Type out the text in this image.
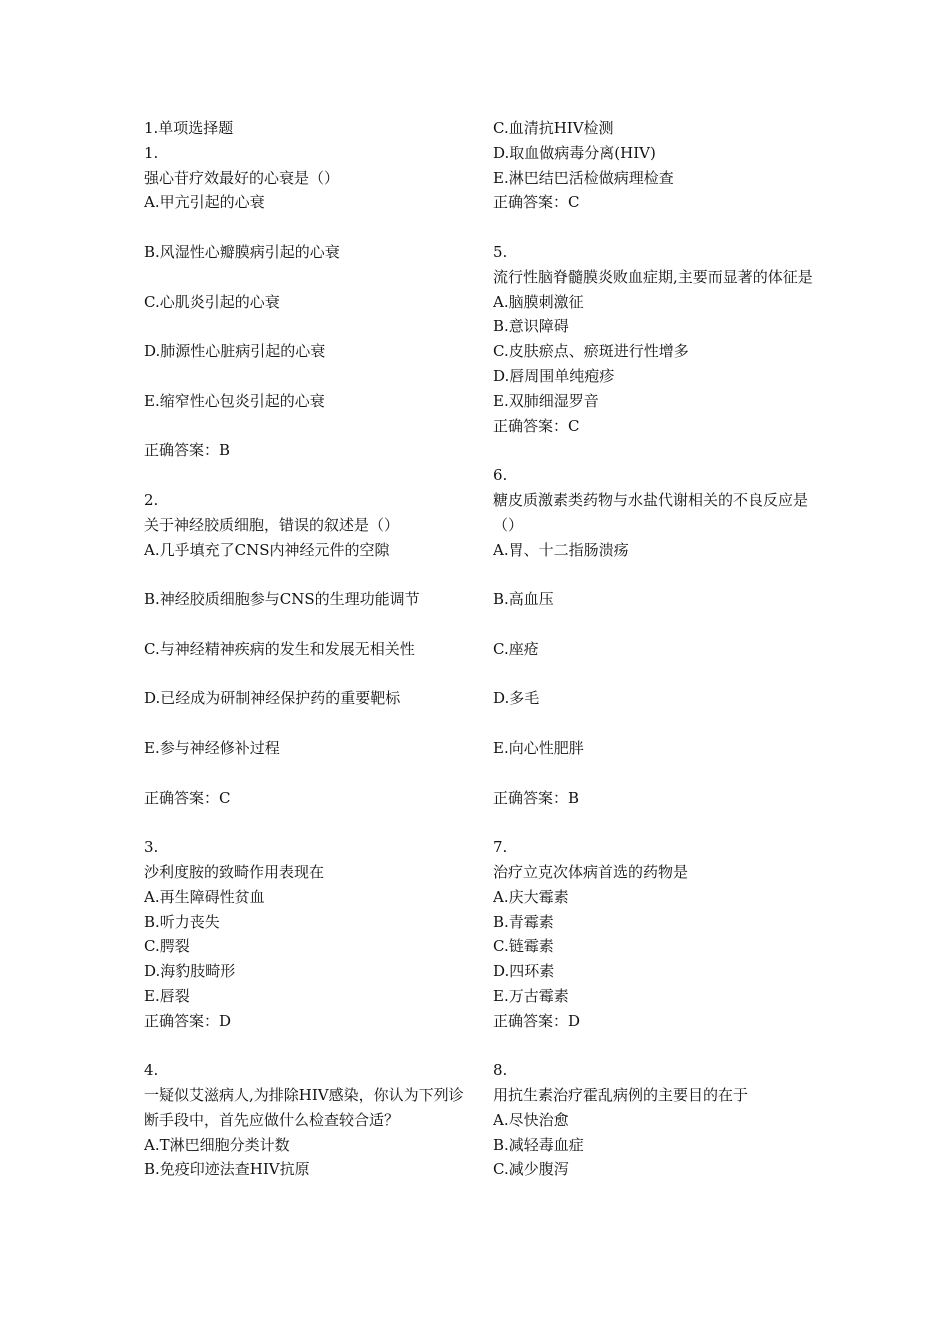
1.单项选择题
1.
强心苷疗效最好的心衰是（）
A.甲亢引起的心衰
B.风湿性心瓣膜病引起的心衰
C.心肌炎引起的心衰
D.肺源性心脏病引起的心衰
E.缩窄性心包炎引起的心衰
正确答案：B
2.
关于神经胶质细胞，错误的叙述是（）
A.几乎填充了CNS内神经元件的空隙
B.神经胶质细胞参与CNS的生理功能调节
C.与神经精神疾病的发生和发展无相关性
D.已经成为研制神经保护药的重要靶标
E.参与神经修补过程
正确答案：C
3.
沙利度胺的致畸作用表现在
A.再生障碍性贫血
B.听力丧失
C.腭裂
D.海豹肢畸形
E.唇裂
正确答案：D
4.
一疑似艾滋病人,为排除HIV感染，你认为下列诊断手段中，首先应做什么检查较合适？
A.T淋巴细胞分类计数
B.免疫印迹法查HIV抗原
C.血清抗HIV检测
D.取血做病毒分离(HIV)
E.淋巴结巴活检做病理检查
正确答案：C
5.
流行性脑脊髓膜炎败血症期,主要而显著的体征是
A.脑膜刺激征
B.意识障碍
C.皮肤瘀点、瘀斑进行性增多
D.唇周围单纯疱疹
E.双肺细湿罗音
正确答案：C
6.
糖皮质激素类药物与水盐代谢相关的不良反应是（）
A.胃、十二指肠溃疡
B.高血压
C.座疮
D.多毛
E.向心性肥胖
正确答案：B
7.
治疗立克次体病首选的药物是
A.庆大霉素
B.青霉素
C.链霉素
D.四环素
E.万古霉素
正确答案：D
8.
用抗生素治疗霍乱病例的主要目的在于
A.尽快治愈
B.减轻毒血症
C.减少腹泻
